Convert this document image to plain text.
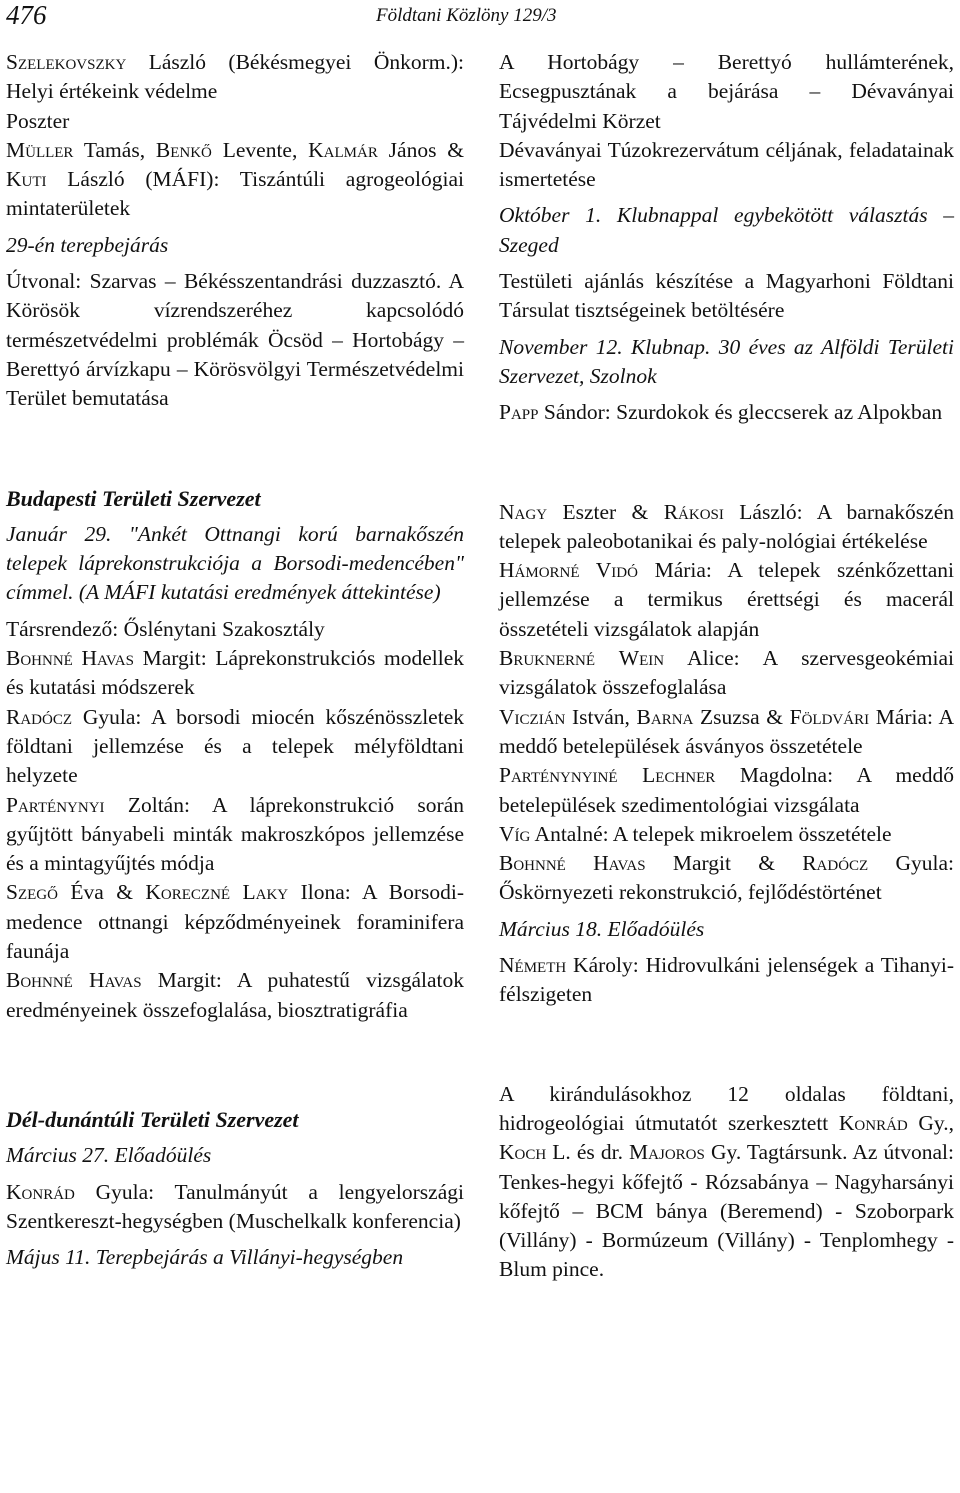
476	Földtani Közlöny 129/3

Szelekovszky László (Békésmegyei Önkorm.): Helyi értékeink védelme

Poszter

Müller Tamás, Benkő Levente, Kalmár János & Kuti László (MÁFI): Tiszántúli agrogeológiai mintaterületek

29-én terepbejárás

Útvonal: Szarvas – Békésszentandrási duzzasztó. A Körösök vízrendszeréhez kapcsolódó természetvédelmi problémák Öcsöd – Hortobágy – Berettyó árvízkapu – Körösvölgyi Természetvédelmi Terület bemutatása

Budapesti Területi Szervezet

Január 29. "Ankét Ottnangi korú barnakőszén telepek láprekonstrukciója a Borsodi-medencében" címmel. (A MÁFI kutatási eredmények áttekintése)

Társrendező: Őslénytani Szakosztály

Bohnné Havas Margit: Láprekonstrukciós modellek és kutatási módszerek

Radócz Gyula: A borsodi miocén kőszénösszletek földtani jellemzése és a telepek mélyföldtani helyzete

Parténynyi Zoltán: A láprekonstrukció során gyűjtött bányabeli minták makroszkópos jellemzése és a mintagyűjtés módja

Szegő Éva & Koreczné Laky Ilona: A Borsodi-medence ottnangi képződményeinek foraminifera faunája

Bohnné Havas Margit: A puhatestű vizsgálatok eredményeinek összefoglalása, biosztratigráfia

Dél-dunántúli Területi Szervezet

Március 27. Előadóülés

Konrád Gyula: Tanulmányút a lengyelországi Szentkereszt-hegységben (Muschelkalk konferencia)

Május 11. Terepbejárás a Villányi-hegységben

A Hortobágy – Berettyó hullámterének, Ecsegpusztának a bejárása – Dévaványai Tájvédelmi Körzet

Dévaványai Túzokrezervátum céljának, feladatainak ismertetése

Október 1. Klubnappal egybekötött választás – Szeged

Testületi ajánlás készítése a Magyarhoni Földtani Társulat tisztségeinek betöltésére

November 12. Klubnap. 30 éves az Alföldi Területi Szervezet, Szolnok

Papp Sándor: Szurdokok és gleccserek az Alpokban

Nagy Eszter & Rákosi László: A barnakőszén telepek paleobotanikai és paly-nológiai értékelése

Hámorné Vidó Mária: A telepek szénkőzettani jellemzése a termikus érettségi és macerál összetételi vizsgálatok alapján

Bruknerné Wein Alice: A szervesgeokémiai vizsgálatok összefoglalása

Viczián István, Barna Zsuzsa & Földvári Mária: A meddő betelepülések ásványos összetétele

Parténynyiné Lechner Magdolna: A meddő betelepülések szedimentológiai vizsgálata

Víg Antalné: A telepek mikroelem összetétele

Bohnné Havas Margit & Radócz Gyula: Őskörnyezeti rekonstrukció, fejlődéstörténet

Március 18. Előadóülés

Németh Károly: Hidrovulkáni jelenségek a Tihanyi-félszigeten

A kirándulásokhoz 12 oldalas földtani, hidrogeológiai útmutatót szerkesztett Konrád Gy., Koch L. és dr. Majoros Gy. Tagtársunk. Az útvonal: Tenkes-hegyi kőfejtő - Rózsabánya – Nagyharsányi kőfejtő – BCM bánya (Beremend) - Szoborpark (Villány) - Bormúzeum (Villány) - Tenplomhegy - Blum pince.
